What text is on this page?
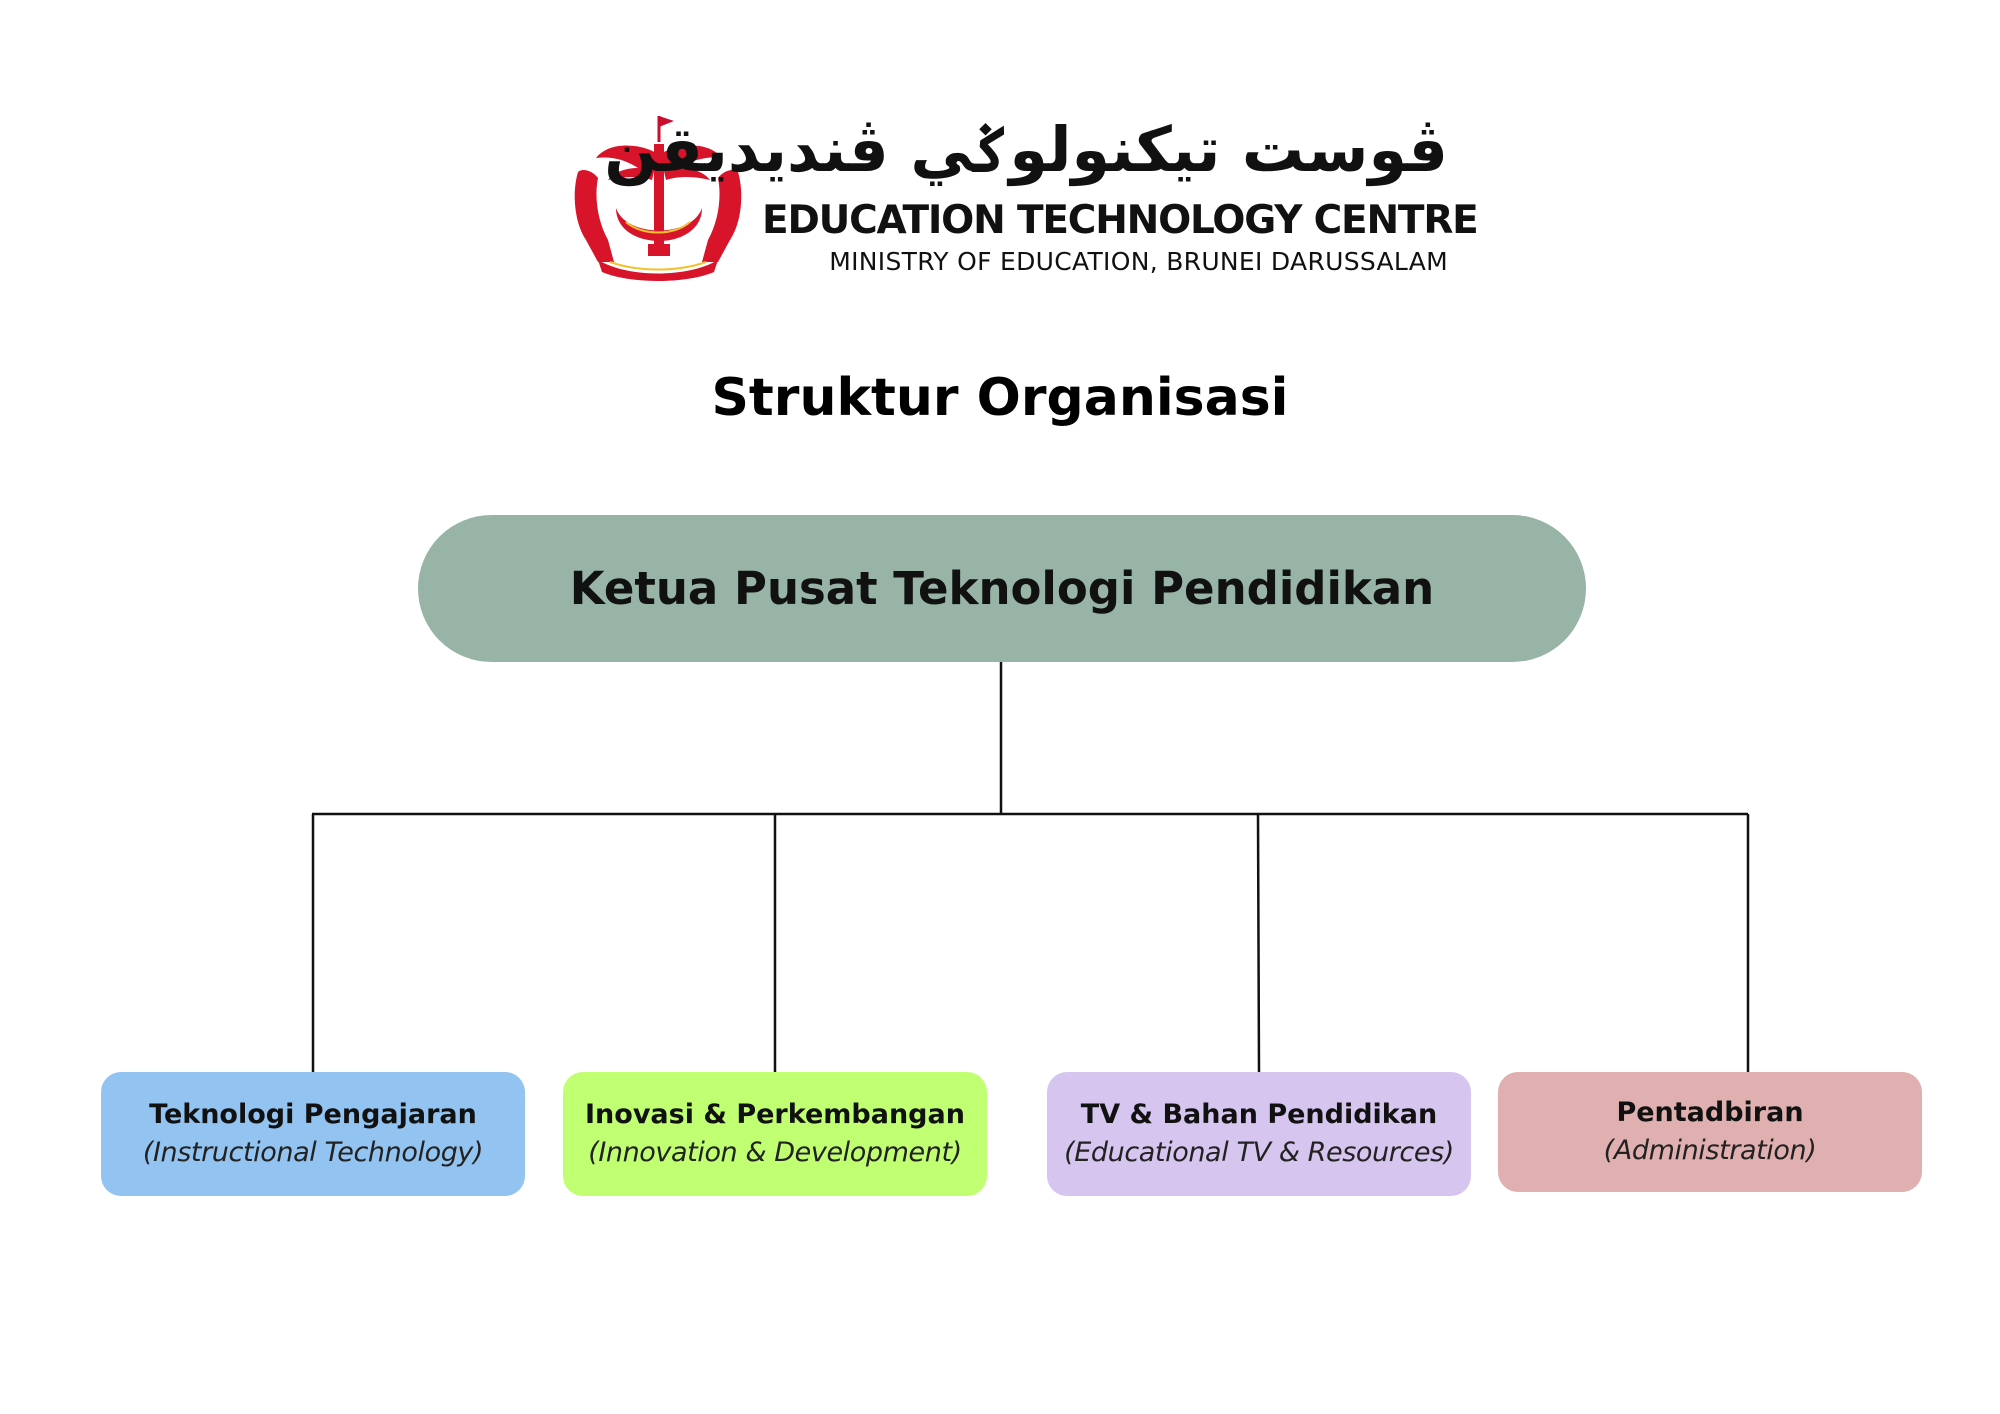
ڤوست تيكنولوݢي ڤنديديقن
EDUCATION TECHNOLOGY CENTRE
MINISTRY OF EDUCATION, BRUNEI DARUSSALAM
Struktur Organisasi
Ketua Pusat Teknologi Pendidikan
Teknologi Pengajaran
(Instructional Technology)
Inovasi & Perkembangan
(Innovation & Development)
TV & Bahan Pendidikan
(Educational TV & Resources)
Pentadbiran
(Administration)
